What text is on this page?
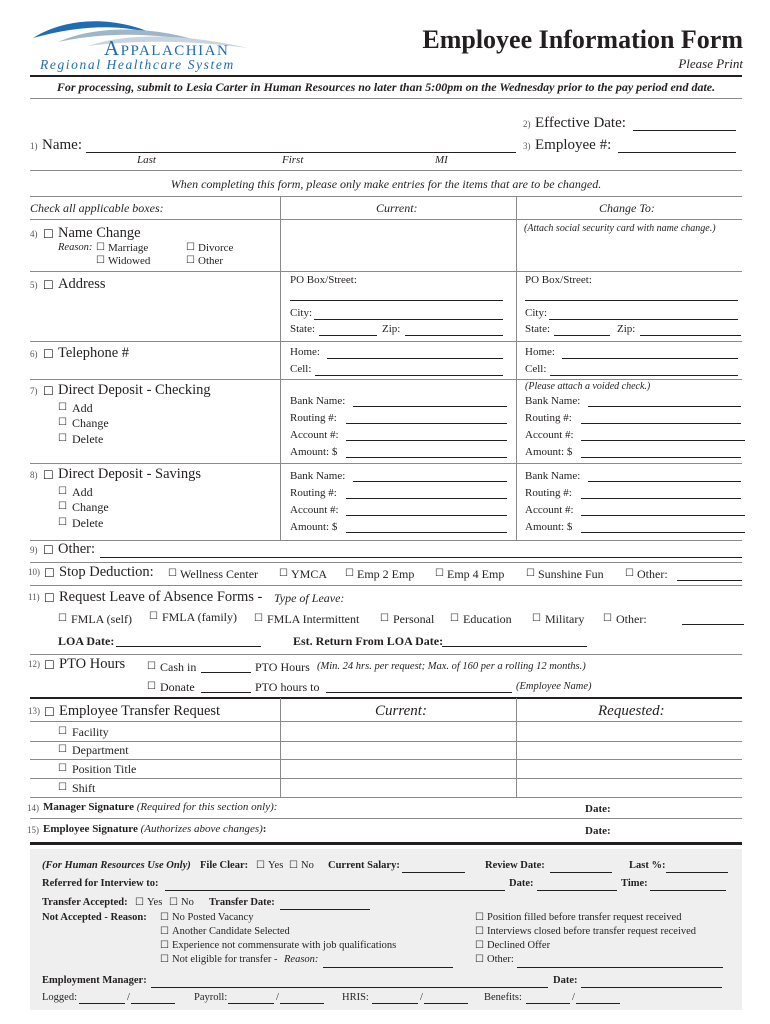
Appalachian
Regional Healthcare System
Employee Information Form
Please Print
For processing, submit to Lesia Carter in Human Resources no later than 5:00pm on the Wednesday prior to the pay period end date.
2) Effective Date:
1) Name:	3) Employee #:
Last	First	MI
When completing this form, please only make entries for the items that are to be changed.
Check all applicable boxes:	Current:	Change To:
4) ☐ Name Change
Reason: ☐ Marriage	☐ Divorce
☐ Widowed	☐ Other
(Attach social security card with name change.)
5) ☐ Address	PO Box/Street:
City:
State:	Zip:
PO Box/Street:
City:
State:	Zip:
6) ☐ Telephone #	Home:
Cell:
Home:
Cell:
7) ☐ Direct Deposit - Checking
☐ Add
☐ Change
☐ Delete
Bank Name:
Routing #:
Account #:
Amount: $
(Please attach a voided check.)
Bank Name:
Routing #:
Account #:
Amount: $
8) ☐ Direct Deposit - Savings
☐ Add
☐ Change
☐ Delete
Bank Name:
Routing #:
Account #:
Amount: $
Bank Name:
Routing #:
Account #:
Amount: $
9) ☐ Other:
10) ☐ Stop Deduction: ☐ Wellness Center ☐ YMCA ☐ Emp 2 Emp ☐ Emp 4 Emp ☐ Sunshine Fun ☐ Other:
11) ☐ Request Leave of Absence Forms - Type of Leave:
☐ FMLA (self) ☐ FMLA (family) ☐ FMLA Intermittent ☐ Personal ☐ Education ☐ Military ☐ Other:
LOA Date:	Est. Return From LOA Date:
12) ☐ PTO Hours ☐ Cash in	PTO Hours (Min. 24 hrs. per request; Max. of 160 per a rolling 12 months.)
☐ Donate	PTO hours to	(Employee Name)
13) ☐ Employee Transfer Request	Current:	Requested:
☐ Facility
☐ Department
☐ Position Title
☐ Shift
14) Manager Signature (Required for this section only):	Date:
15) Employee Signature (Authorizes above changes):	Date:
(For Human Resources Use Only) File Clear: ☐ Yes ☐ No Current Salary:	Review Date:	Last %:
Referred for Interview to:	Date:	Time:
Transfer Accepted: ☐ Yes ☐ No Transfer Date:
Not Accepted - Reason: ☐ No Posted Vacancy
☐ Another Candidate Selected
☐ Experience not commensurate with job qualifications
☐ Not eligible for transfer - Reason:
☐ Position filled before transfer request received
☐ Interviews closed before transfer request received
☐ Declined Offer
☐ Other:
Employment Manager:	Date:
Logged:	/	Payroll:	/	HRIS:	/	Benefits:	/
